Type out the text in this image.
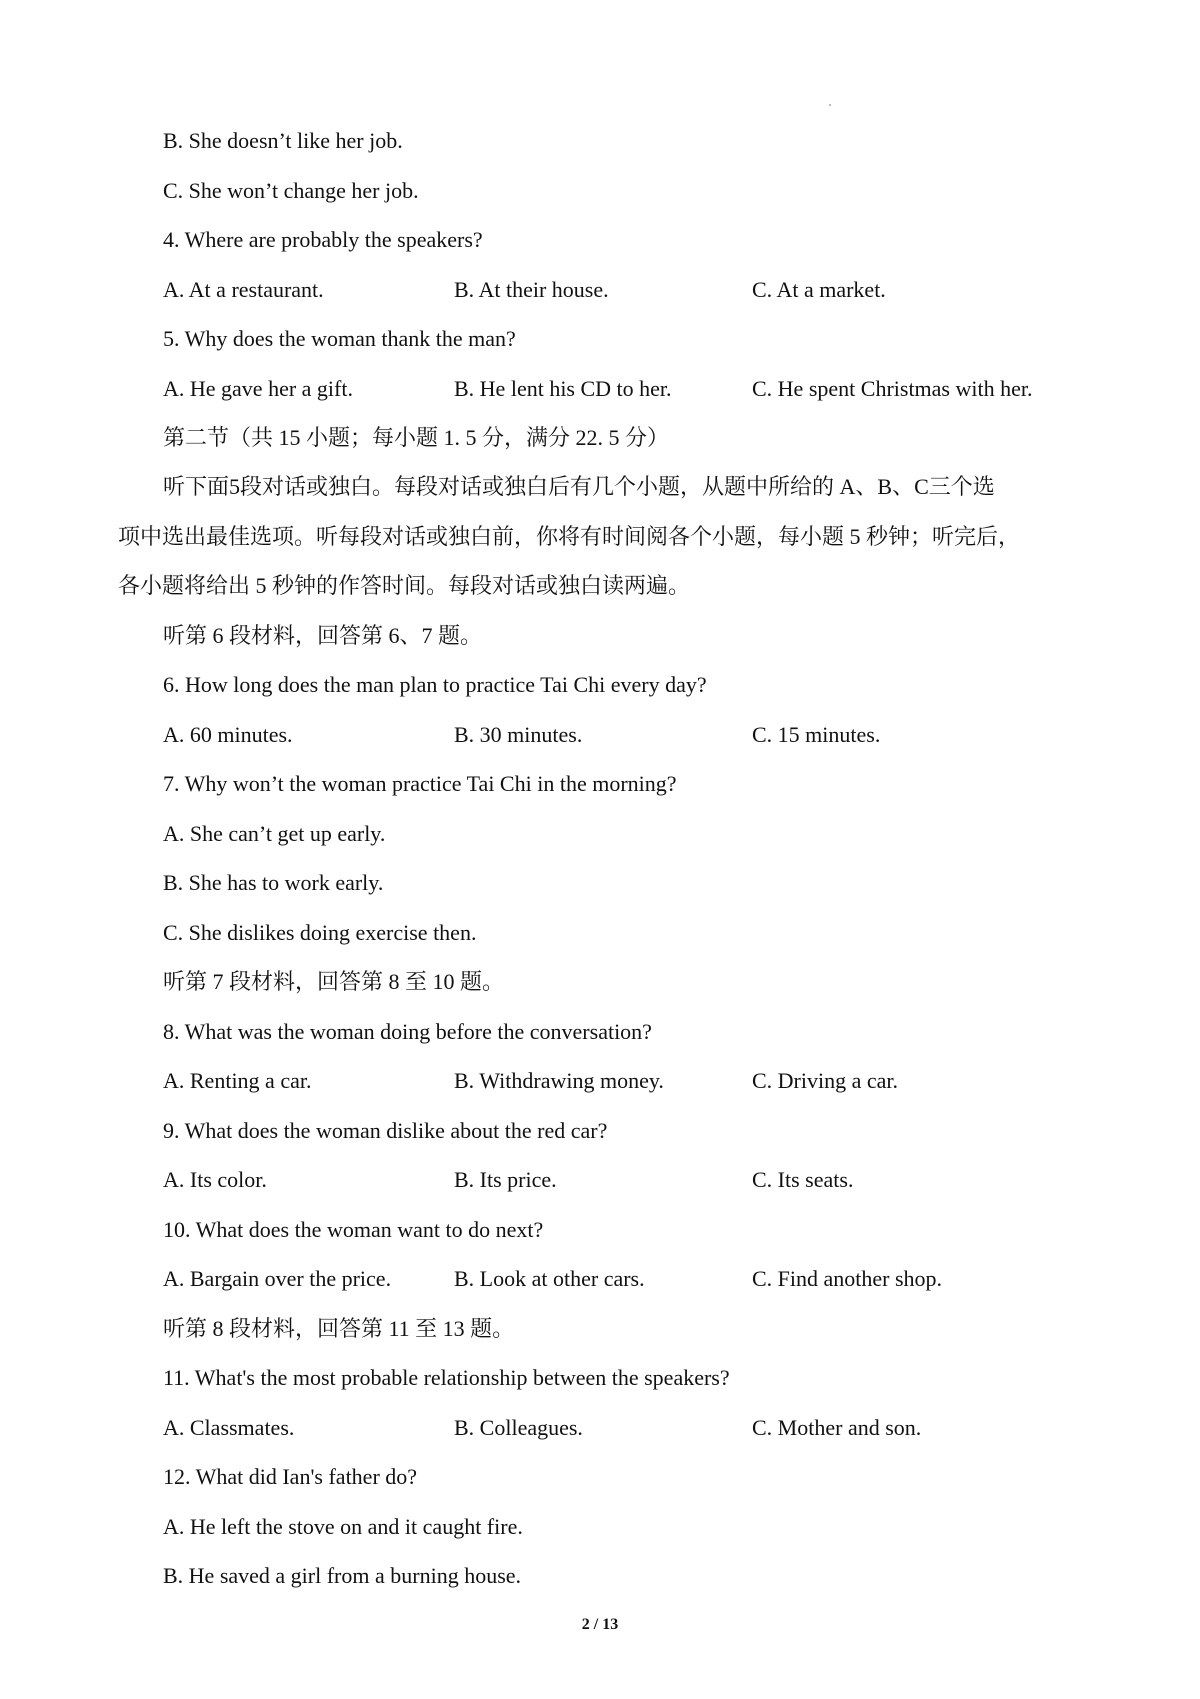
B. She doesn’t like her job.
C. She won’t change her job.
4. Where are probably the speakers?
A. At a restaurant.	B. At their house.	C. At a market.
5. Why does the woman thank the man?
A. He gave her a gift.	B. He lent his CD to her.	C. He spent Christmas with her.
第二节（共 15 小题；每小题 1. 5 分，满分 22. 5 分）
听下面5段对话或独白。每段对话或独白后有几个小题，从题中所给的 A、B、C三个选
项中选出最佳选项。听每段对话或独白前，你将有时间阅各个小题，每小题 5 秒钟；听完后，
各小题将给出 5 秒钟的作答时间。每段对话或独白读两遍。
听第 6 段材料，回答第 6、7 题。
6. How long does the man plan to practice Tai Chi every day?
A. 60 minutes.	B. 30 minutes.	C. 15 minutes.
7. Why won’t the woman practice Tai Chi in the morning?
A. She can’t get up early.
B. She has to work early.
C. She dislikes doing exercise then.
听第 7 段材料，回答第 8 至 10 题。
8. What was the woman doing before the conversation?
A. Renting a car.	B. Withdrawing money.	C. Driving a car.
9. What does the woman dislike about the red car?
A. Its color.	B. Its price.	C. Its seats.
10. What does the woman want to do next?
A. Bargain over the price.	B. Look at other cars.	C. Find another shop.
听第 8 段材料，回答第 11 至 13 题。
11. What's the most probable relationship between the speakers?
A. Classmates.	B. Colleagues.	C. Mother and son.
12. What did Ian's father do?
A. He left the stove on and it caught fire.
B. He saved a girl from a burning house.
2 / 13
